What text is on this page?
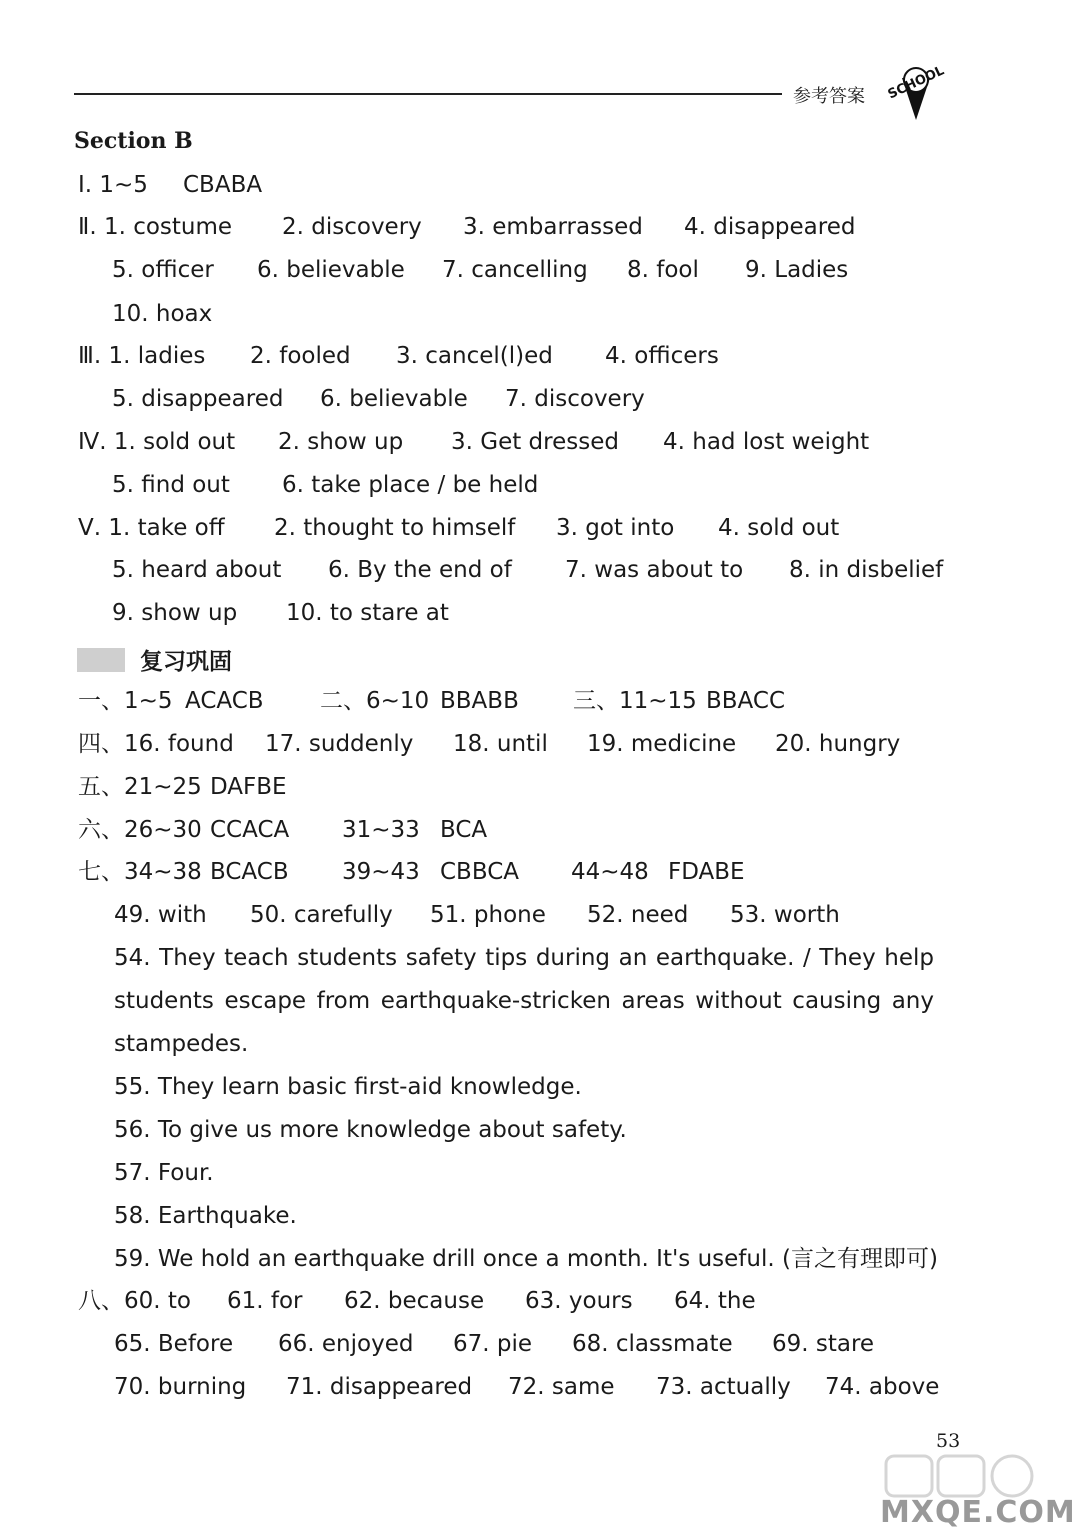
参考答案 SCHOOL
Section B
Ⅰ. 1~5 CBABA
Ⅱ. 1. costume 2. discovery 3. embarrassed 4. disappeared
5. officer 6. believable 7. cancelling 8. fool 9. Ladies
10. hoax
Ⅲ. 1. ladies 2. fooled 3. cancel(l)ed 4. officers
5. disappeared 6. believable 7. discovery
Ⅳ. 1. sold out 2. show up 3. Get dressed 4. had lost weight
5. find out 6. take place / be held
Ⅴ. 1. take off 2. thought to himself 3. got into 4. sold out
5. heard about 6. By the end of 7. was about to 8. in disbelief
9. show up 10. to stare at
复习巩固
一、1~5 ACACB 二、6~10 BBABB 三、11~15 BBACC
四、16. found 17. suddenly 18. until 19. medicine 20. hungry
五、21~25 DAFBE
六、26~30 CCACA 31~33 BCA
七、34~38 BCACB 39~43 CBBCA 44~48 FDABE
49. with 50. carefully 51. phone 52. need 53. worth
54. They teach students safety tips during an earthquake. / They help students escape from earthquake-stricken areas without causing any stampedes.
55. They learn basic first-aid knowledge.
56. To give us more knowledge about safety.
57. Four.
58. Earthquake.
59. We hold an earthquake drill once a month. It's useful. (言之有理即可)
八、60. to 61. for 62. because 63. yours 64. the
65. Before 66. enjoyed 67. pie 68. classmate 69. stare
70. burning 71. disappeared 72. same 73. actually 74. above
53
MXQE.COM
